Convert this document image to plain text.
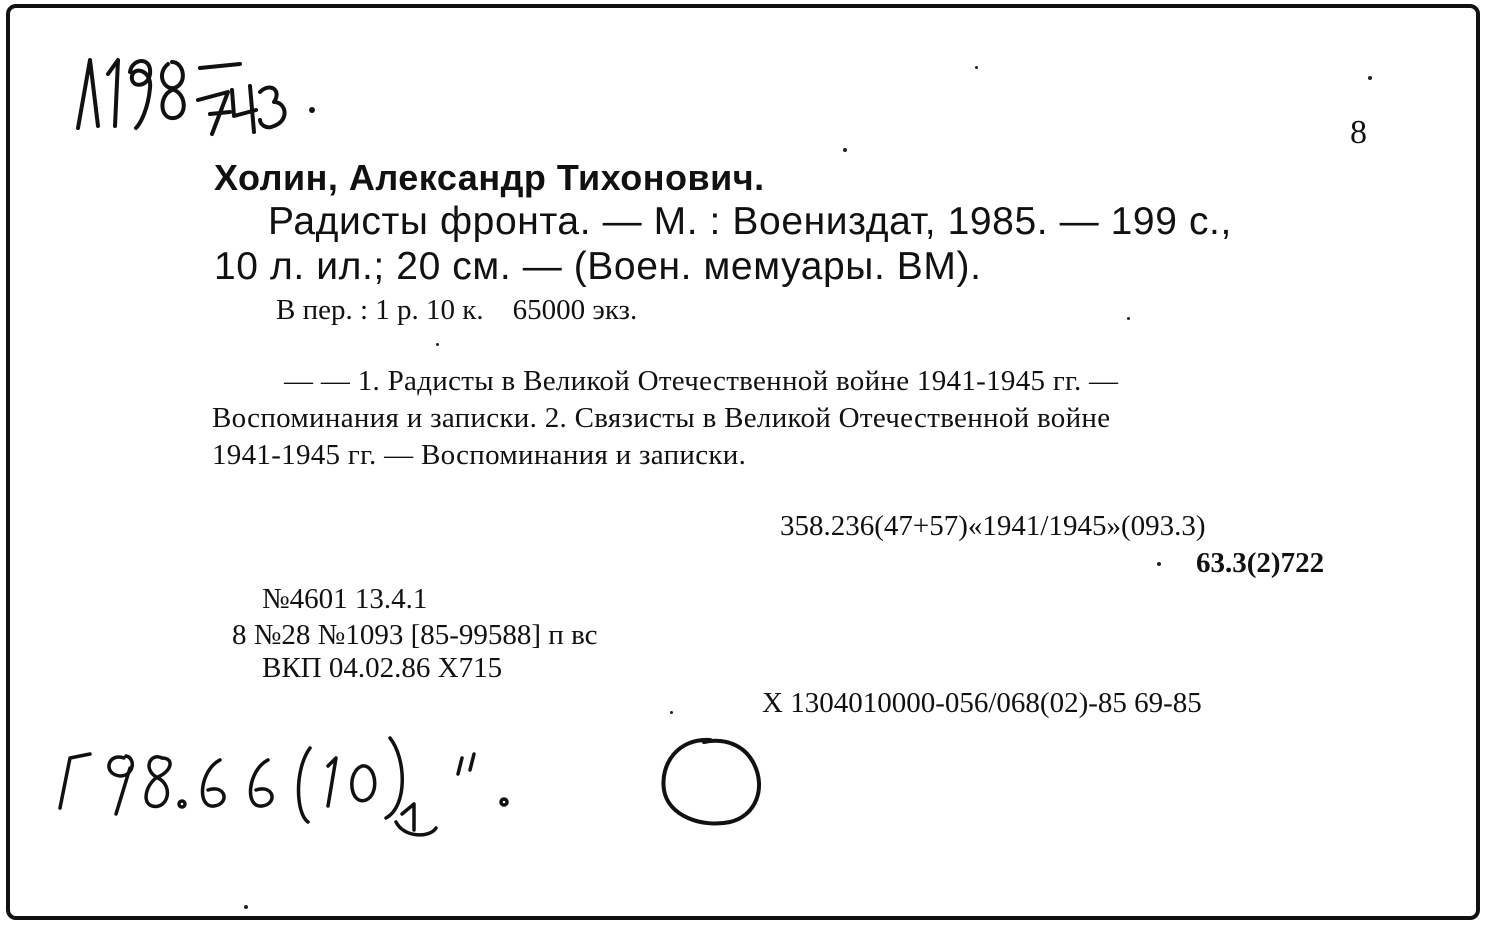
8
Холин, Александр Тихонович.
Радисты фронта. — М. : Воениздат, 1985. — 199 с.,
10 л. ил.; 20 см. — (Воен. мемуары. ВМ).
В пер. : 1 р. 10 к.    65000 экз.
— — 1. Радисты в Великой Отечественной войне 1941-1945 гг. —
Воспоминания и записки. 2. Связисты в Великой Отечественной войне
1941-1945 гг. — Воспоминания и записки.
358.236(47+57)«1941/1945»(093.3)
63.3(2)722
№4601 13.4.1
8 №28 №1093 [85-99588] п вс
ВКП 04.02.86 Х715
Х 1304010000-056/068(02)-85 69-85
